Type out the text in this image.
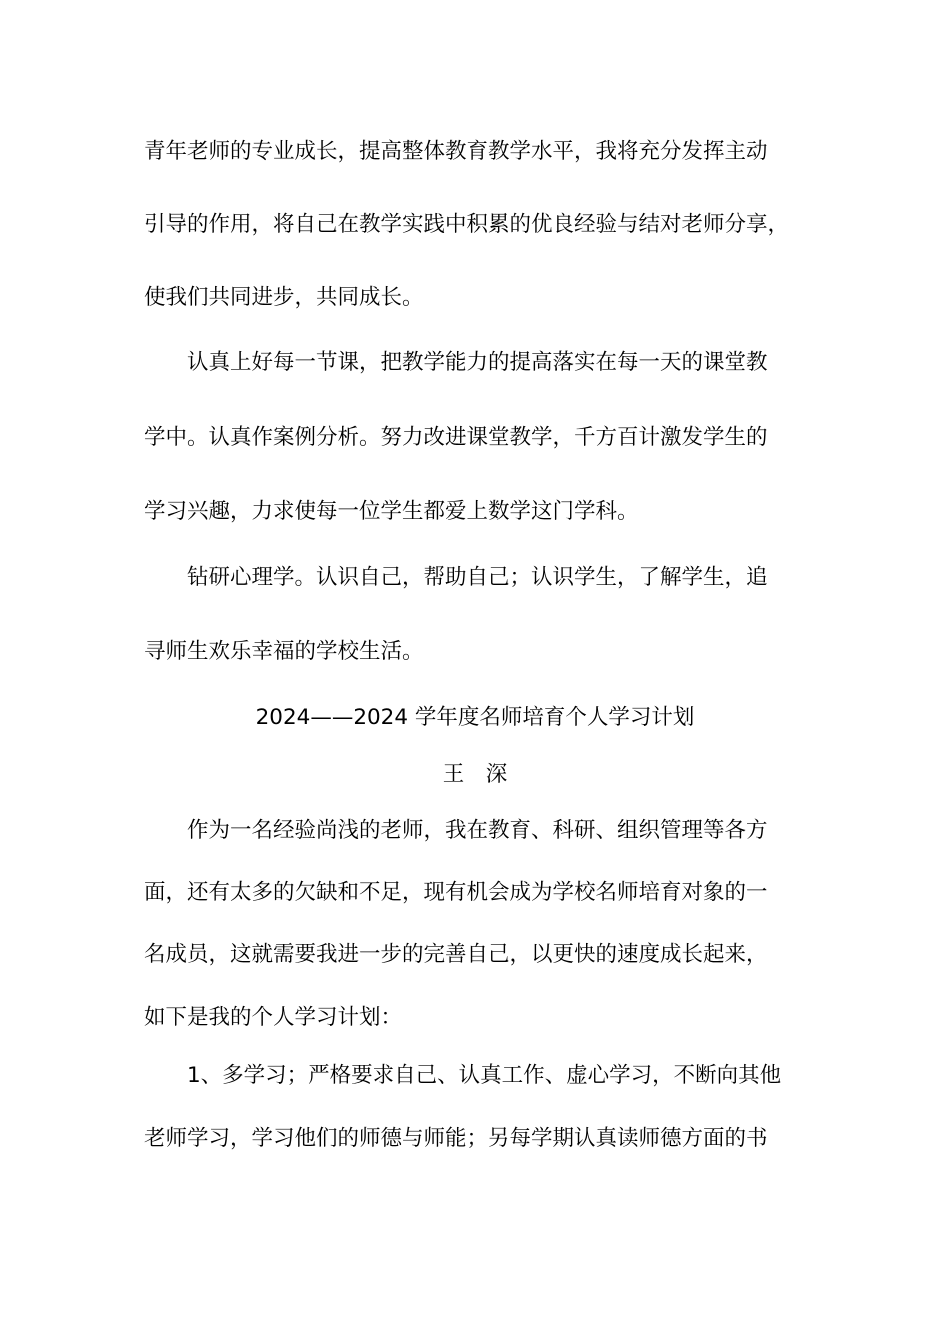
青年老师的专业成长，提高整体教育教学水平，我将充分发挥主动
引导的作用，将自己在教学实践中积累的优良经验与结对老师分享，
使我们共同进步，共同成长。
认真上好每一节课，把教学能力的提高落实在每一天的课堂教
学中。认真作案例分析。努力改进课堂教学，千方百计激发学生的
学习兴趣，力求使每一位学生都爱上数学这门学科。
钻研心理学。认识自己，帮助自己；认识学生，了解学生，追
寻师生欢乐幸福的学校生活。
2024——2024 学年度名师培育个人学习计划
王　深
作为一名经验尚浅的老师，我在教育、科研、组织管理等各方
面，还有太多的欠缺和不足，现有机会成为学校名师培育对象的一
名成员，这就需要我进一步的完善自己，以更快的速度成长起来，
如下是我的个人学习计划：
1、多学习；严格要求自己、认真工作、虚心学习，不断向其他
老师学习，学习他们的师德与师能；另每学期认真读师德方面的书
